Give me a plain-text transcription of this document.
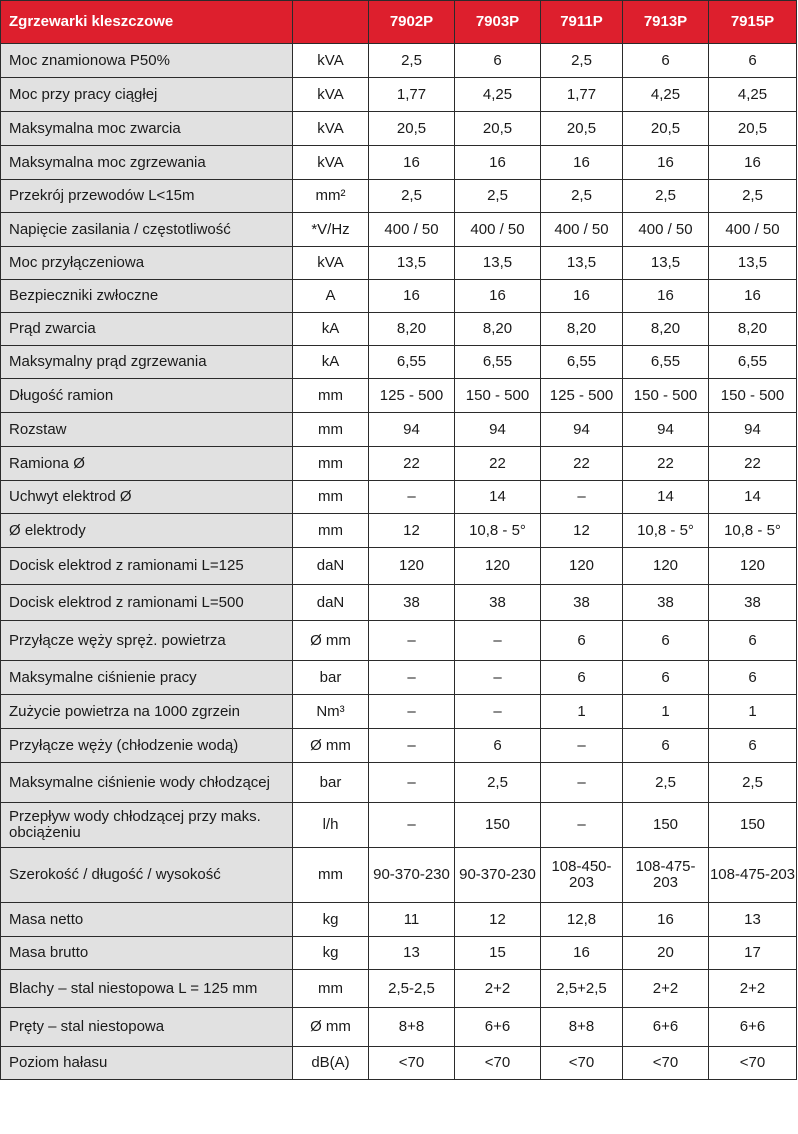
Zgrzewarki kleszczowe		7902P	7903P	7911P	7913P	7915P
Moc znamionowa P50%	kVA	2,5	6	2,5	6	6
Moc przy pracy ciągłej	kVA	1,77	4,25	1,77	4,25	4,25
Maksymalna moc zwarcia	kVA	20,5	20,5	20,5	20,5	20,5
Maksymalna moc zgrzewania	kVA	16	16	16	16	16
Przekrój przewodów L<15m	mm²	2,5	2,5	2,5	2,5	2,5
Napięcie zasilania / częstotliwość	*V/Hz	400 / 50	400 / 50	400 / 50	400 / 50	400 / 50
Moc przyłączeniowa	kVA	13,5	13,5	13,5	13,5	13,5
Bezpieczniki zwłoczne	A	16	16	16	16	16
Prąd zwarcia	kA	8,20	8,20	8,20	8,20	8,20
Maksymalny prąd zgrzewania	kA	6,55	6,55	6,55	6,55	6,55
Długość ramion	mm	125 - 500	150 - 500	125 - 500	150 - 500	150 - 500
Rozstaw	mm	94	94	94	94	94
Ramiona Ø	mm	22	22	22	22	22
Uchwyt elektrod Ø	mm	–	14	–	14	14
Ø elektrody	mm	12	10,8 - 5°	12	10,8 - 5°	10,8 - 5°
Docisk elektrod z ramionami L=125	daN	120	120	120	120	120
Docisk elektrod z ramionami L=500	daN	38	38	38	38	38
Przyłącze węży spręż. powietrza	Ø mm	–	–	6	6	6
Maksymalne ciśnienie pracy	bar	–	–	6	6	6
Zużycie powietrza na 1000 zgrzein	Nm³	–	–	1	1	1
Przyłącze węży (chłodzenie wodą)	Ø mm	–	6	–	6	6
Maksymalne ciśnienie wody chłodzącej	bar	–	2,5	–	2,5	2,5
Przepływ wody chłodzącej przy maks. obciążeniu	l/h	–	150	–	150	150
Szerokość / długość / wysokość	mm	90-370-230	90-370-230	108-450-203	108-475-203	108-475-203
Masa netto	kg	11	12	12,8	16	13
Masa brutto	kg	13	15	16	20	17
Blachy – stal niestopowa L = 125 mm	mm	2,5-2,5	2+2	2,5+2,5	2+2	2+2
Pręty – stal niestopowa	Ø mm	8+8	6+6	8+8	6+6	6+6
Poziom hałasu	dB(A)	<70	<70	<70	<70	<70
